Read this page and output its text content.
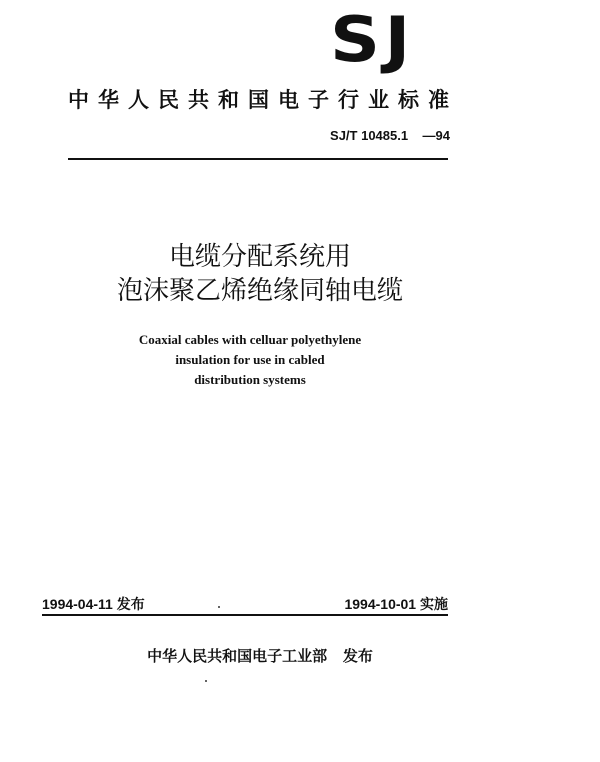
SJ
中华人民共和国电子行业标准
SJ/T 10485.1    —94
电缆分配系统用
泡沫聚乙烯绝缘同轴电缆
Coaxial cables with celluar polyethylene
insulation for use in cabled
distribution systems
1994-04-11 发布	1994-10-01 实施
中华人民共和国电子工业部   发布
